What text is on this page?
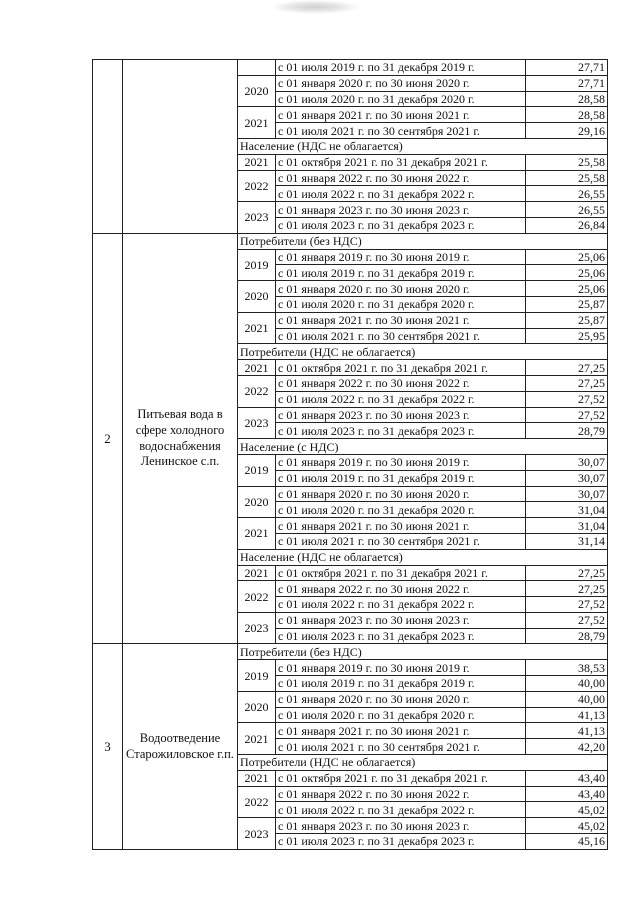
			с 01 июля 2019 г. по 31 декабря 2019 г.	27,71
		2020	с 01 января 2020 г. по 30 июня 2020 г.	27,71
			с 01 июля 2020 г. по 31 декабря 2020 г.	28,58
		2021	с 01 января 2021 г. по 30 июня 2021 г.	28,58
			с 01 июля 2021 г. по 30 сентября 2021 г.	29,16
		Население (НДС не облагается)		
		2021	с 01 октября 2021 г. по 31 декабря 2021 г.	25,58
		2022	с 01 января 2022 г. по 30 июня 2022 г.	25,58
			с 01 июля 2022 г. по 31 декабря 2022 г.	26,55
		2023	с 01 января 2023 г. по 30 июня 2023 г.	26,55
			с 01 июля 2023 г. по 31 декабря 2023 г.	26,84
2	Питьевая вода в сфере холодного водоснабжения Ленинское с.п.	Потребители (без НДС)		
		2019	с 01 января 2019 г. по 30 июня 2019 г.	25,06
			с 01 июля 2019 г. по 31 декабря 2019 г.	25,06
		2020	с 01 января 2020 г. по 30 июня 2020 г.	25,06
			с 01 июля 2020 г. по 31 декабря 2020 г.	25,87
		2021	с 01 января 2021 г. по 30 июня 2021 г.	25,87
			с 01 июля 2021 г. по 30 сентября 2021 г.	25,95
		Потребители (НДС не облагается)		
		2021	с 01 октября 2021 г. по 31 декабря 2021 г.	27,25
		2022	с 01 января 2022 г. по 30 июня 2022 г.	27,25
			с 01 июля 2022 г. по 31 декабря 2022 г.	27,52
		2023	с 01 января 2023 г. по 30 июня 2023 г.	27,52
			с 01 июля 2023 г. по 31 декабря 2023 г.	28,79
		Население (с НДС)		
		2019	с 01 января 2019 г. по 30 июня 2019 г.	30,07
			с 01 июля 2019 г. по 31 декабря 2019 г.	30,07
		2020	с 01 января 2020 г. по 30 июня 2020 г.	30,07
			с 01 июля 2020 г. по 31 декабря 2020 г.	31,04
		2021	с 01 января 2021 г. по 30 июня 2021 г.	31,04
			с 01 июля 2021 г. по 30 сентября 2021 г.	31,14
		Население (НДС не облагается)		
		2021	с 01 октября 2021 г. по 31 декабря 2021 г.	27,25
		2022	с 01 января 2022 г. по 30 июня 2022 г.	27,25
			с 01 июля 2022 г. по 31 декабря 2022 г.	27,52
		2023	с 01 января 2023 г. по 30 июня 2023 г.	27,52
			с 01 июля 2023 г. по 31 декабря 2023 г.	28,79
3	Водоотведение Старожиловское г.п.	Потребители (без НДС)		
		2019	с 01 января 2019 г. по 30 июня 2019 г.	38,53
			с 01 июля 2019 г. по 31 декабря 2019 г.	40,00
		2020	с 01 января 2020 г. по 30 июня 2020 г.	40,00
			с 01 июля 2020 г. по 31 декабря 2020 г.	41,13
		2021	с 01 января 2021 г. по 30 июня 2021 г.	41,13
			с 01 июля 2021 г. по 30 сентября 2021 г.	42,20
		Потребители (НДС не облагается)		
		2021	с 01 октября 2021 г. по 31 декабря 2021 г.	43,40
		2022	с 01 января 2022 г. по 30 июня 2022 г.	43,40
			с 01 июля 2022 г. по 31 декабря 2022 г.	45,02
		2023	с 01 января 2023 г. по 30 июня 2023 г.	45,02
			с 01 июля 2023 г. по 31 декабря 2023 г.	45,16
